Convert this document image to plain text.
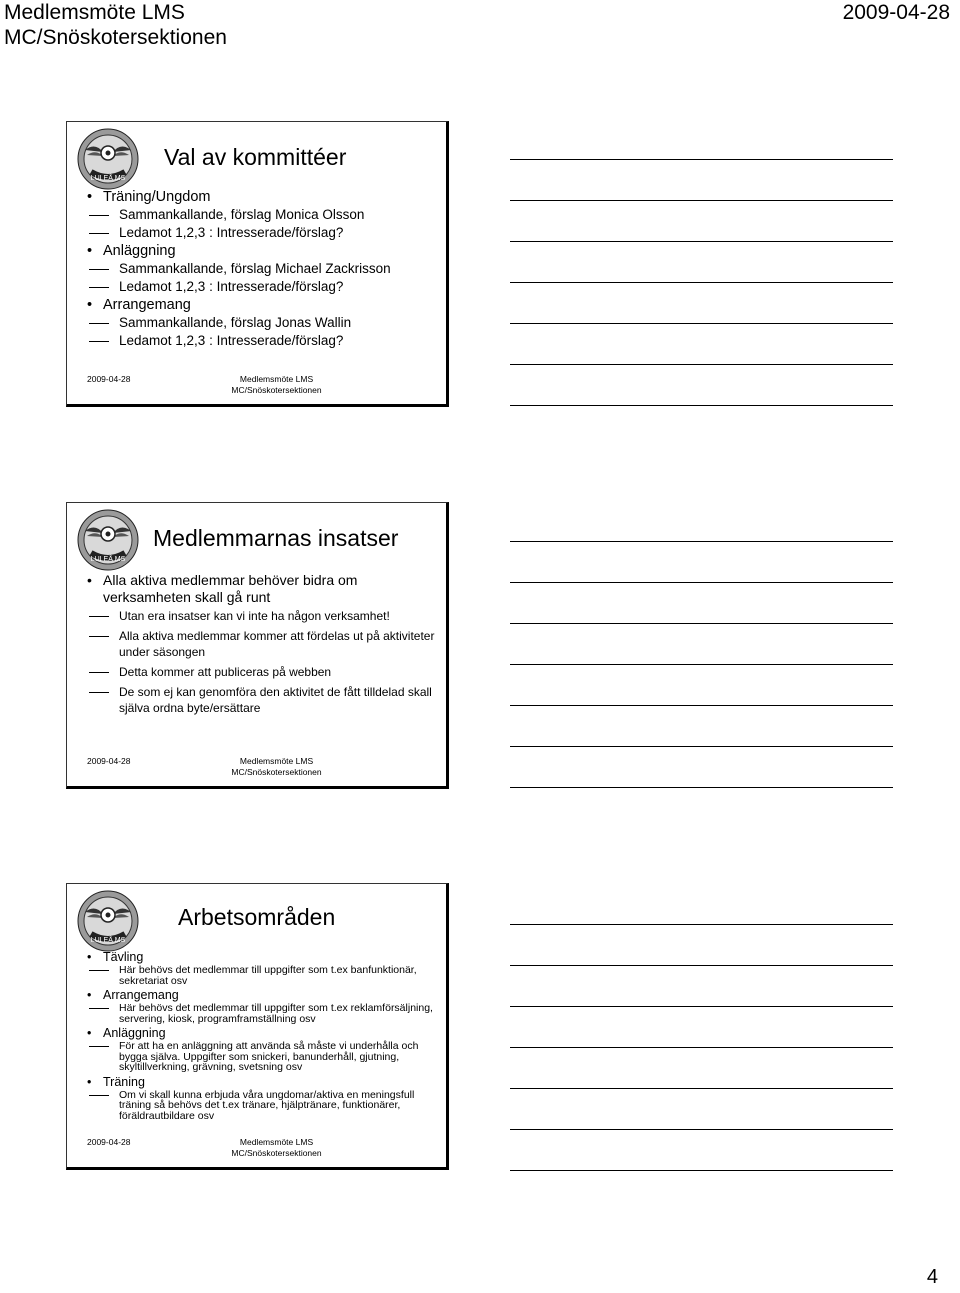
Medlemsmöte LMS
MC/Snöskotersektionen
2009-04-28
LULEÅ MS
Val av kommittéer
• Träning/Ungdom
Sammankallande, förslag Monica Olsson
Ledamot 1,2,3 : Intresserade/förslag?
• Anläggning
Sammankallande, förslag Michael Zackrisson
Ledamot 1,2,3 : Intresserade/förslag?
• Arrangemang
Sammankallande, förslag Jonas Wallin
Ledamot 1,2,3 : Intresserade/förslag?
2009-04-28	Medlemsmöte LMS
MC/Snöskotersektionen
LULEÅ MS
Medlemmarnas insatser
• Alla aktiva medlemmar behöver bidra om verksamheten skall gå runt
Utan era insatser kan vi inte ha någon verksamhet!
Alla aktiva medlemmar kommer att fördelas ut på aktiviteter under säsongen
Detta kommer att publiceras på webben
De som ej kan genomföra den aktivitet de fått tilldelad skall själva ordna byte/ersättare
2009-04-28	Medlemsmöte LMS
MC/Snöskotersektionen
LULEÅ MS
Arbetsområden
• Tävling
Här behövs det medlemmar till uppgifter som t.ex banfunktionär, sekretariat osv
• Arrangemang
Här behövs det medlemmar till uppgifter som t.ex reklamförsäljning, servering, kiosk, programframställning osv
• Anläggning
För att ha en anläggning att använda så måste vi underhålla och bygga själva. Uppgifter som snickeri, banunderhåll, gjutning, skyltillverkning, grävning, svetsning osv
• Träning
Om vi skall kunna erbjuda våra ungdomar/aktiva en meningsfull träning så behövs det t.ex tränare, hjälptränare, funktionärer, föräldrautbildare osv
2009-04-28	Medlemsmöte LMS
MC/Snöskotersektionen
4
